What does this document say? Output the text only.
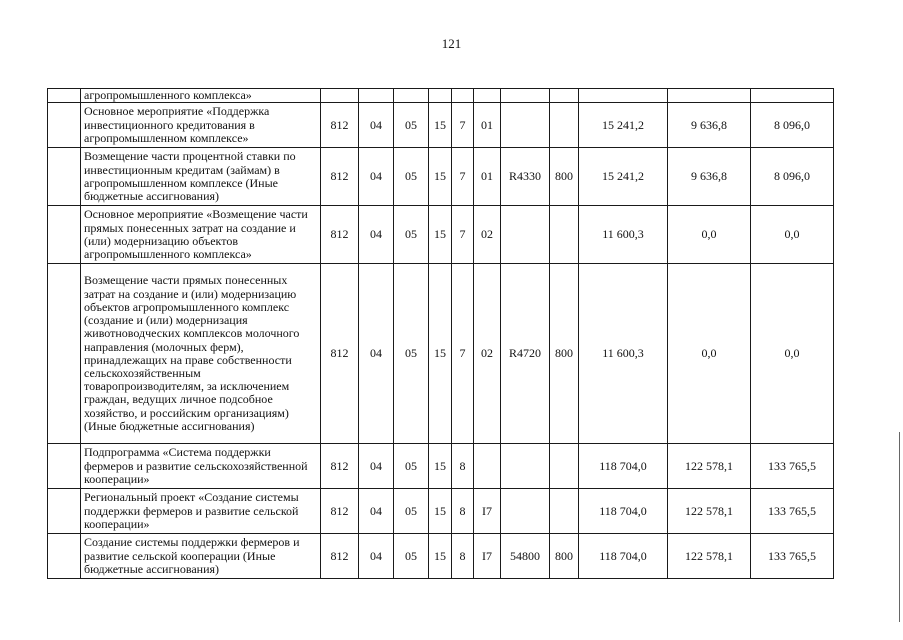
121
	агропромышленного комплекса»											
	Основное мероприятие «Поддержка инвестиционного кредитования в агропромышленном комплексе»	812	04	05	15	7	01			15 241,2	9 636,8	8 096,0
	Возмещение части процентной ставки по инвестиционным кредитам (займам) в агропромышленном комплексе (Иные бюджетные ассигнования)	812	04	05	15	7	01	R4330	800	15 241,2	9 636,8	8 096,0
	Основное мероприятие «Возмещение части прямых понесенных затрат на создание и (или) модернизацию объектов агропромышленного комплекса»	812	04	05	15	7	02			11 600,3	0,0	0,0
	Возмещение части прямых понесенных затрат на создание и (или) модернизацию объектов агропромышленного комплекс (создание и (или) модернизация животноводческих комплексов молочного направления (молочных ферм), принадлежащих на праве собственности сельскохозяйственным товаропроизводителям, за исключением граждан, ведущих личное подсобное хозяйство, и российским организациям) (Иные бюджетные ассигнования)	812	04	05	15	7	02	R4720	800	11 600,3	0,0	0,0
	Подпрограмма «Система поддержки фермеров и развитие сельскохозяйственной кооперации»	812	04	05	15	8				118 704,0	122 578,1	133 765,5
	Региональный проект «Создание системы поддержки фермеров и развитие сельской кооперации»	812	04	05	15	8	I7			118 704,0	122 578,1	133 765,5
	Создание системы поддержки фермеров и развитие сельской кооперации (Иные бюджетные ассигнования)	812	04	05	15	8	I7	54800	800	118 704,0	122 578,1	133 765,5
